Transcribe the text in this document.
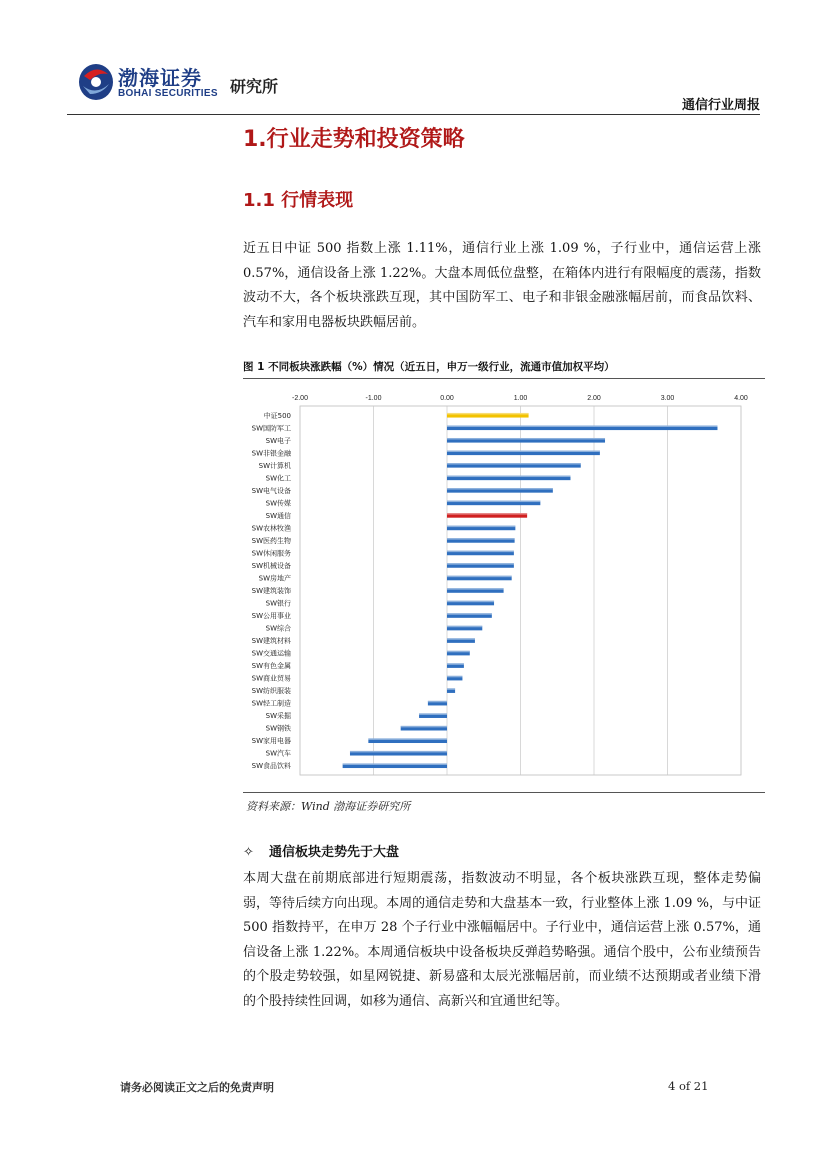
渤海证券
BOHAI SECURITIES 研究所
通信行业周报
1.行业走势和投资策略
1.1 行情表现
近五日中证 500 指数上涨 1.11%，通信行业上涨 1.09 %，子行业中，通信运营上涨 0.57%，通信设备上涨 1.22%。大盘本周低位盘整，在箱体内进行有限幅度的震荡，指数波动不大，各个板块涨跌互现，其中国防军工、电子和非银金融涨幅居前，而食品饮料、汽车和家用电器板块跌幅居前。
图 1 不同板块涨跌幅（%）情况（近五日，申万一级行业，流通市值加权平均）
-2.00	-1.00	0.00	1.00	2.00	3.00	4.00
中证500
SW国防军工
SW电子
SW非银金融
SW计算机
SW化工
SW电气设备
SW传媒
SW通信
SW农林牧渔
SW医药生物
SW休闲服务
SW机械设备
SW房地产
SW建筑装饰
SW银行
SW公用事业
SW综合
SW建筑材料
SW交通运输
SW有色金属
SW商业贸易
SW纺织服装
SW轻工制造
SW采掘
SW钢铁
SW家用电器
SW汽车
SW食品饮料
资料来源：Wind 渤海证券研究所
✧ 通信板块走势先于大盘
本周大盘在前期底部进行短期震荡，指数波动不明显，各个板块涨跌互现，整体走势偏弱，等待后续方向出现。本周的通信走势和大盘基本一致，行业整体上涨 1.09 %，与中证 500 指数持平，在申万 28 个子行业中涨幅幅居中。子行业中，通信运营上涨 0.57%，通信设备上涨 1.22%。本周通信板块中设备板块反弹趋势略强。通信个股中，公布业绩预告的个股走势较强，如星网锐捷、新易盛和太辰光涨幅居前，而业绩不达预期或者业绩下滑的个股持续性回调，如移为通信、高新兴和宜通世纪等。
请务必阅读正文之后的免责声明	4 of 21
